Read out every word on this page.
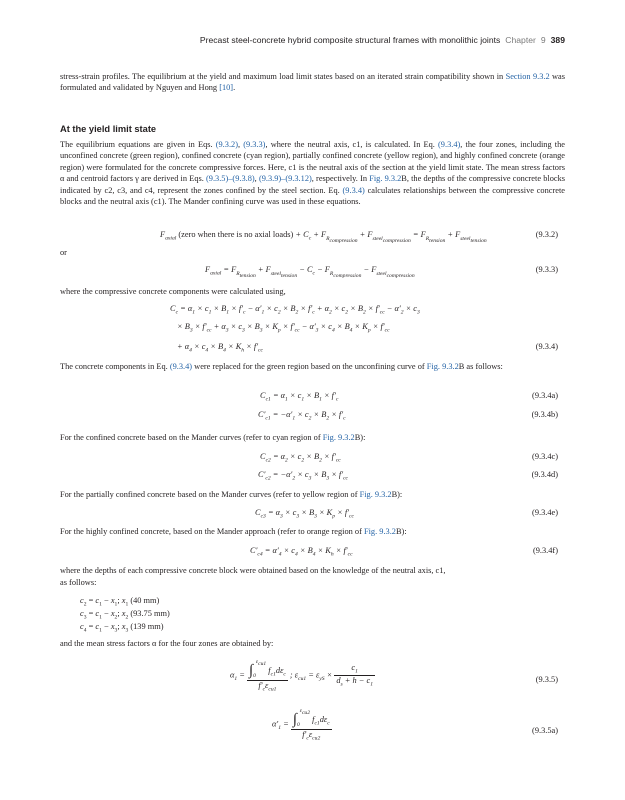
Precast steel-concrete hybrid composite structural frames with monolithic joints Chapter 9 389

stress-strain profiles. The equilibrium at the yield and maximum load limit states based on an iterated strain compatibility shown in Section 9.3.2 was formulated and validated by Nguyen and Hong [10].

At the yield limit state

The equilibrium equations are given in Eqs. (9.3.2), (9.3.3), where the neutral axis, c1, is calculated. In Eq. (9.3.4), the four zones, including the unconfined concrete (green region), confined concrete (cyan region), partially confined concrete (yellow region), and highly confined concrete (orange region) were formulated for the concrete compressive forces. Here, c1 is the neutral axis of the section at the yield limit state. The mean stress factors α and centroid factors γ are derived in Eqs. (9.3.5)–(9.3.8), (9.3.9)–(9.3.12), respectively. In Fig. 9.3.2B, the depths of the compressive concrete blocks indicated by c2, c3, and c4, represent the zones confined by the steel section. Eq. (9.3.4) calculates relationships between the compressive concrete blocks and the neutral axis (c1). The Mander confining curve was used in these equations.

$F_{axial}$ (zero when there is no axial loads) + $C_c + F_{R_{compression}} + F_{steel_{compression}} = F_{R_{tension}} + F_{steel_{tension}}$
(9.3.2)
or
$F_{axial} = F_{R_{tension}} + F_{steel_{tension}} - C_c - F_{R_{compression}} - F_{steel_{compression}}$
(9.3.3)
where the compressive concrete components were calculated using,
$C_c = \alpha_1 \times c_1 \times B_1 \times f'_c - \alpha'_1 \times c_2 \times B_2 \times f'_c + \alpha_2 \times c_2 \times B_2 \times f'_{cc} - \alpha'_2 \times c_3$
× $B_3 \times f'_{cc} + \alpha_3 \times c_3 \times B_3 \times K_p \times f'_{cc} - \alpha'_3 \times c_4 \times B_4 \times K_p \times f'_{cc}$
+ $\alpha_4 \times c_4 \times B_4 \times K_h \times f'_{cc}$	(9.3.4)

The concrete components in Eq. (9.3.4) were replaced for the green region based on the unconfining curve of Fig. 9.3.2B as follows:

$C_{c1} = \alpha_1 \times c_1 \times B_1 \times f'_c$	(9.3.4a)
$C'_{c1} = -\alpha'_1 \times c_2 \times B_2 \times f'_c$	(9.3.4b)
For the confined concrete based on the Mander curves (refer to cyan region of Fig. 9.3.2B):
$C_{c2} = \alpha_2 \times c_2 \times B_2 \times f'_{cc}$	(9.3.4c)
$C'_{c2} = -\alpha'_2 \times c_3 \times B_3 \times f'_{cc}$	(9.3.4d)
For the partially confined concrete based on the Mander curves (refer to yellow region of Fig. 9.3.2B):
$C_{c3} = \alpha_3 \times c_3 \times B_3 \times K_p \times f'_{cc}$	(9.3.4e)
For the highly confined concrete, based on the Mander approach (refer to orange region of Fig. 9.3.2B):
$C'_{c4} = \alpha'_4 \times c_4 \times B_4 \times K_h \times f'_{cc}$	(9.3.4f)
where the depths of each compressive concrete block were obtained based on the knowledge of the neutral axis, c1,
as follows:
$c_2 = c_1 - x_1$; $x_1$ (40 mm)
$c_3 = c_1 - x_2$; $x_2$ (93.75 mm)
$c_4 = c_1 - x_3$; $x_3$ (139 mm)
and the mean stress factors α for the four zones are obtained by:
$\alpha_1 = \frac{\int_0^{\varepsilon_{cu1}} f_{c1}d\varepsilon_c}{f'_c\varepsilon_{cu1}}$ ; $\varepsilon_{cu1} = \varepsilon_{yS} \times \frac{c_1}{d_s + h - c_1}$	(9.3.5)
$\alpha'_1 = \frac{\int_0^{\varepsilon_{cu2}} f_{c1}d\varepsilon_c}{f'_c\varepsilon_{cu2}}$	(9.3.5a)
